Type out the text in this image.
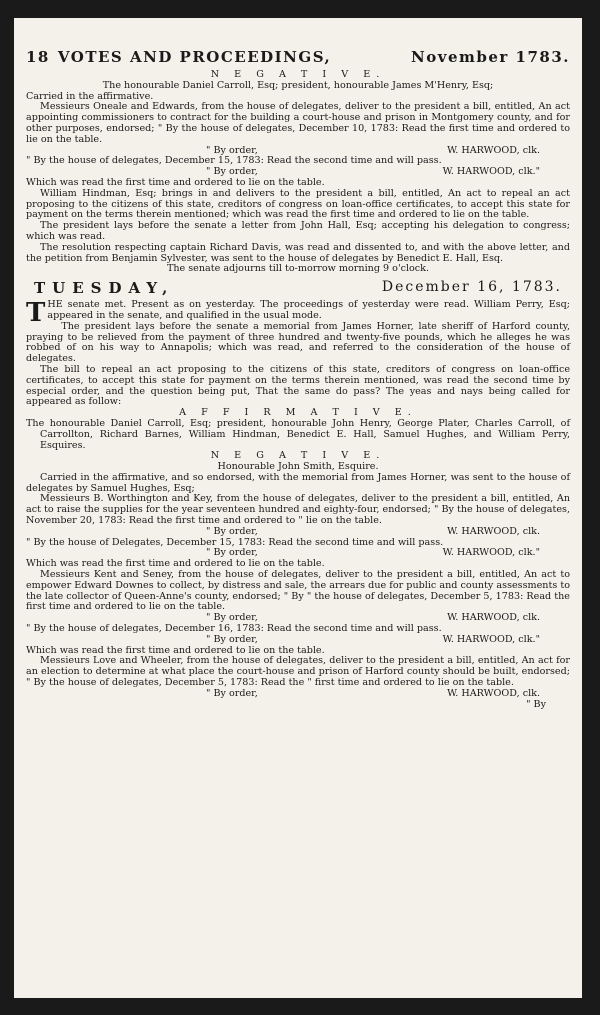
18 VOTES AND PROCEEDINGS,	November 1783.

N E G A T I V E.

The honourable Daniel Carroll, Esq; president, honourable James M'Henry, Esq;

Carried in the affirmative.

Messieurs Oneale and Edwards, from the house of delegates, deliver to the president a bill, entitled, An act appointing commissioners to contract for the building a court-house and prison in Montgomery county, and for other purposes, endorsed; " By the house of delegates, December 10, 1783: Read the first time and ordered to lie on the table.

" By order,	W. HARWOOD, clk.

" By the house of delegates, December 15, 1783: Read the second time and will pass.

" By order,	W. HARWOOD, clk."

Which was read the first time and ordered to lie on the table.

William Hindman, Esq; brings in and delivers to the president a bill, entitled, An act to repeal an act proposing to the citizens of this state, creditors of congress on loan-office certificates, to accept this state for payment on the terms therein mentioned; which was read the first time and ordered to lie on the table.

The president lays before the senate a letter from John Hall, Esq; accepting his delegation to congress; which was read.

The resolution respecting captain Richard Davis, was read and dissented to, and with the above letter, and the petition from Benjamin Sylvester, was sent to the house of delegates by Benedict E. Hall, Esq.

The senate adjourns till to-morrow morning 9 o'clock.

TUESDAY,	December 16, 1783.

THE senate met. Present as on yesterday. The proceedings of yesterday were read. William Perry, Esq; appeared in the senate, and qualified in the usual mode.

The president lays before the senate a memorial from James Horner, late sheriff of Harford county, praying to be relieved from the payment of three hundred and twenty-five pounds, which he alleges he was robbed of on his way to Annapolis; which was read, and referred to the consideration of the house of delegates.

The bill to repeal an act proposing to the citizens of this state, creditors of congress on loan-office certificates, to accept this state for payment on the terms therein mentioned, was read the second time by especial order, and the question being put, That the same do pass? The yeas and nays being called for appeared as follow:

A F F I R M A T I V E.

The honourable Daniel Carroll, Esq; president, honourable John Henry, George Plater, Charles Carroll, of Carrollton, Richard Barnes, William Hindman, Benedict E. Hall, Samuel Hughes, and William Perry, Esquires.

N E G A T I V E.

Honourable John Smith, Esquire.

Carried in the affirmative, and so endorsed, with the memorial from James Horner, was sent to the house of delegates by Samuel Hughes, Esq;

Messieurs B. Worthington and Key, from the house of delegates, deliver to the president a bill, entitled, An act to raise the supplies for the year seventeen hundred and eighty-four, endorsed; " By the house of delegates, November 20, 1783: Read the first time and ordered to " lie on the table.

" By order,	W. HARWOOD, clk.

" By the house of Delegates, December 15, 1783: Read the second time and will pass.

" By order,	W. HARWOOD, clk."

Which was read the first time and ordered to lie on the table.

Messieurs Kent and Seney, from the house of delegates, deliver to the president a bill, entitled, An act to empower Edward Downes to collect, by distress and sale, the arrears due for public and county assessments to the late collector of Queen-Anne's county, endorsed; " By " the house of delegates, December 5, 1783: Read the first time and ordered to lie on the table.

" By order,	W. HARWOOD, clk.

" By the house of delegates, December 16, 1783: Read the second time and will pass.

" By order,	W. HARWOOD, clk."

Which was read the first time and ordered to lie on the table.

Messieurs Love and Wheeler, from the house of delegates, deliver to the president a bill, entitled, An act for an election to determine at what place the court-house and prison of Harford county should be built, endorsed; " By the house of delegates, December 5, 1783: Read the " first time and ordered to lie on the table.

" By order,	W. HARWOOD, clk.

" By
